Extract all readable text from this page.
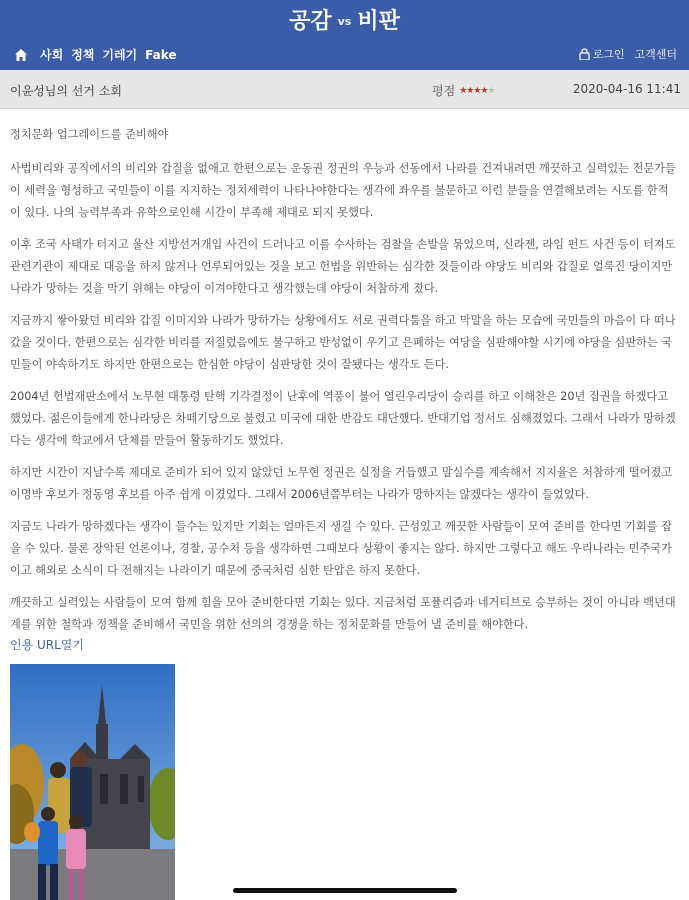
공감 vs 비판
사회 정책 기레기 Fake	로그인 고객센터
이윤성님의 선거 소회	평점 ★★★★★	2020-04-16 11:41

정치문화 업그레이드를 준비해야

사법비리와 공직에서의 비리와 갑질을 없애고 한편으로는 운동권 정권의 우능과 선동에서 나라를 건져내려면 깨끗하고 실력있는 전문가들이 세력을 형성하고 국민들이 이를 지지하는 정치세력이 나타나야한다는 생각에 좌우를 불문하고 이런 분들을 연결해보려는 시도를 한적이 있다. 나의 능력부족과 유학으로인해 시간이 부족해 제대로 되지 못했다.

이후 조국 사태가 터지고 울산 지방선거개입 사건이 드러나고 이를 수사하는 검찰을 손발을 묶었으며, 신라젠, 라임 펀드 사건 등이 터져도 관련기관이 제대로 대응을 하지 않거나 언루되어있는 것을 보고 헌법을 위반하는 심각한 것들이라 야당도 비리와 갑질로 얼룩진 당이지만 나라가 망하는 것을 막기 위해는 야당이 이겨야한다고 생각했는데 야당이 처참하게 졌다.

지금까지 쌓아왔던 비리와 갑질 이미지와 나라가 망하가는 상황에서도 서로 권력다툼을 하고 막말을 하는 모습에 국민들의 마음이 다 떠나갔을 것이다. 한편으로는 심각한 비리를 저질렀음에도 불구하고 반성없이 우기고 은폐하는 여당을 심판해야할 시기에 야당을 심판하는 국민들이 야속하기도 하지만 한편으로는 한심한 야당이 심판당한 것이 잘됐다는 생각도 든다.

2004년 헌법재판소에서 노무현 대통령 탄핵 기각결정이 난후에 역풍이 불어 열린우리당이 승리를 하고 이해찬은 20년 집권을 하겠다고 했었다. 젊은이들에게 한나라당은 차떼기당으로 불렸고 미국에 대한 반감도 대단했다. 반대기업 정서도 심해졌었다. 그래서 나라가 망하겠다는 생각에 학교에서 단체를 만들어 활동하기도 했었다.

하지만 시간이 지날수록 제대로 준비가 되어 있지 않았던 노무현 정권은 실정을 거듭했고 말실수를 계속해서 지지율은 처참하게 떨어졌고 이명박 후보가 정동영 후보를 아주 쉽게 이겼었다. 그래서 2006년쯤부터는 나라가 망하지는 않겠다는 생각이 들었었다.

지금도 나라가 망하겠다는 생각이 들수는 있지만 기회는 얼마든지 생길 수 있다. 근성있고 깨끗한 사람들이 모여 준비를 한다면 기회를 잡을 수 있다. 물론 장악된 언론이나, 경찰, 공수처 등을 생각하면 그때보다 상황이 좋지는 않다. 하지만 그렇다고 해도 우리나라는 민주국가이고 해외로 소식이 다 전해지는 나라이기 때문에 중국처럼 심한 탄압은 하지 못한다.

깨끗하고 실력있는 사람들이 모여 함께 힘을 모아 준비한다면 기회는 있다. 지금처럼 포퓰리즘과 네거티브로 승부하는 것이 아니라 백년대계를 위한 철학과 정책을 준비해서 국민을 위한 선의의 경쟁을 하는 정치문화를 만들어 낼 준비를 해야한다.

인용 URL열기
